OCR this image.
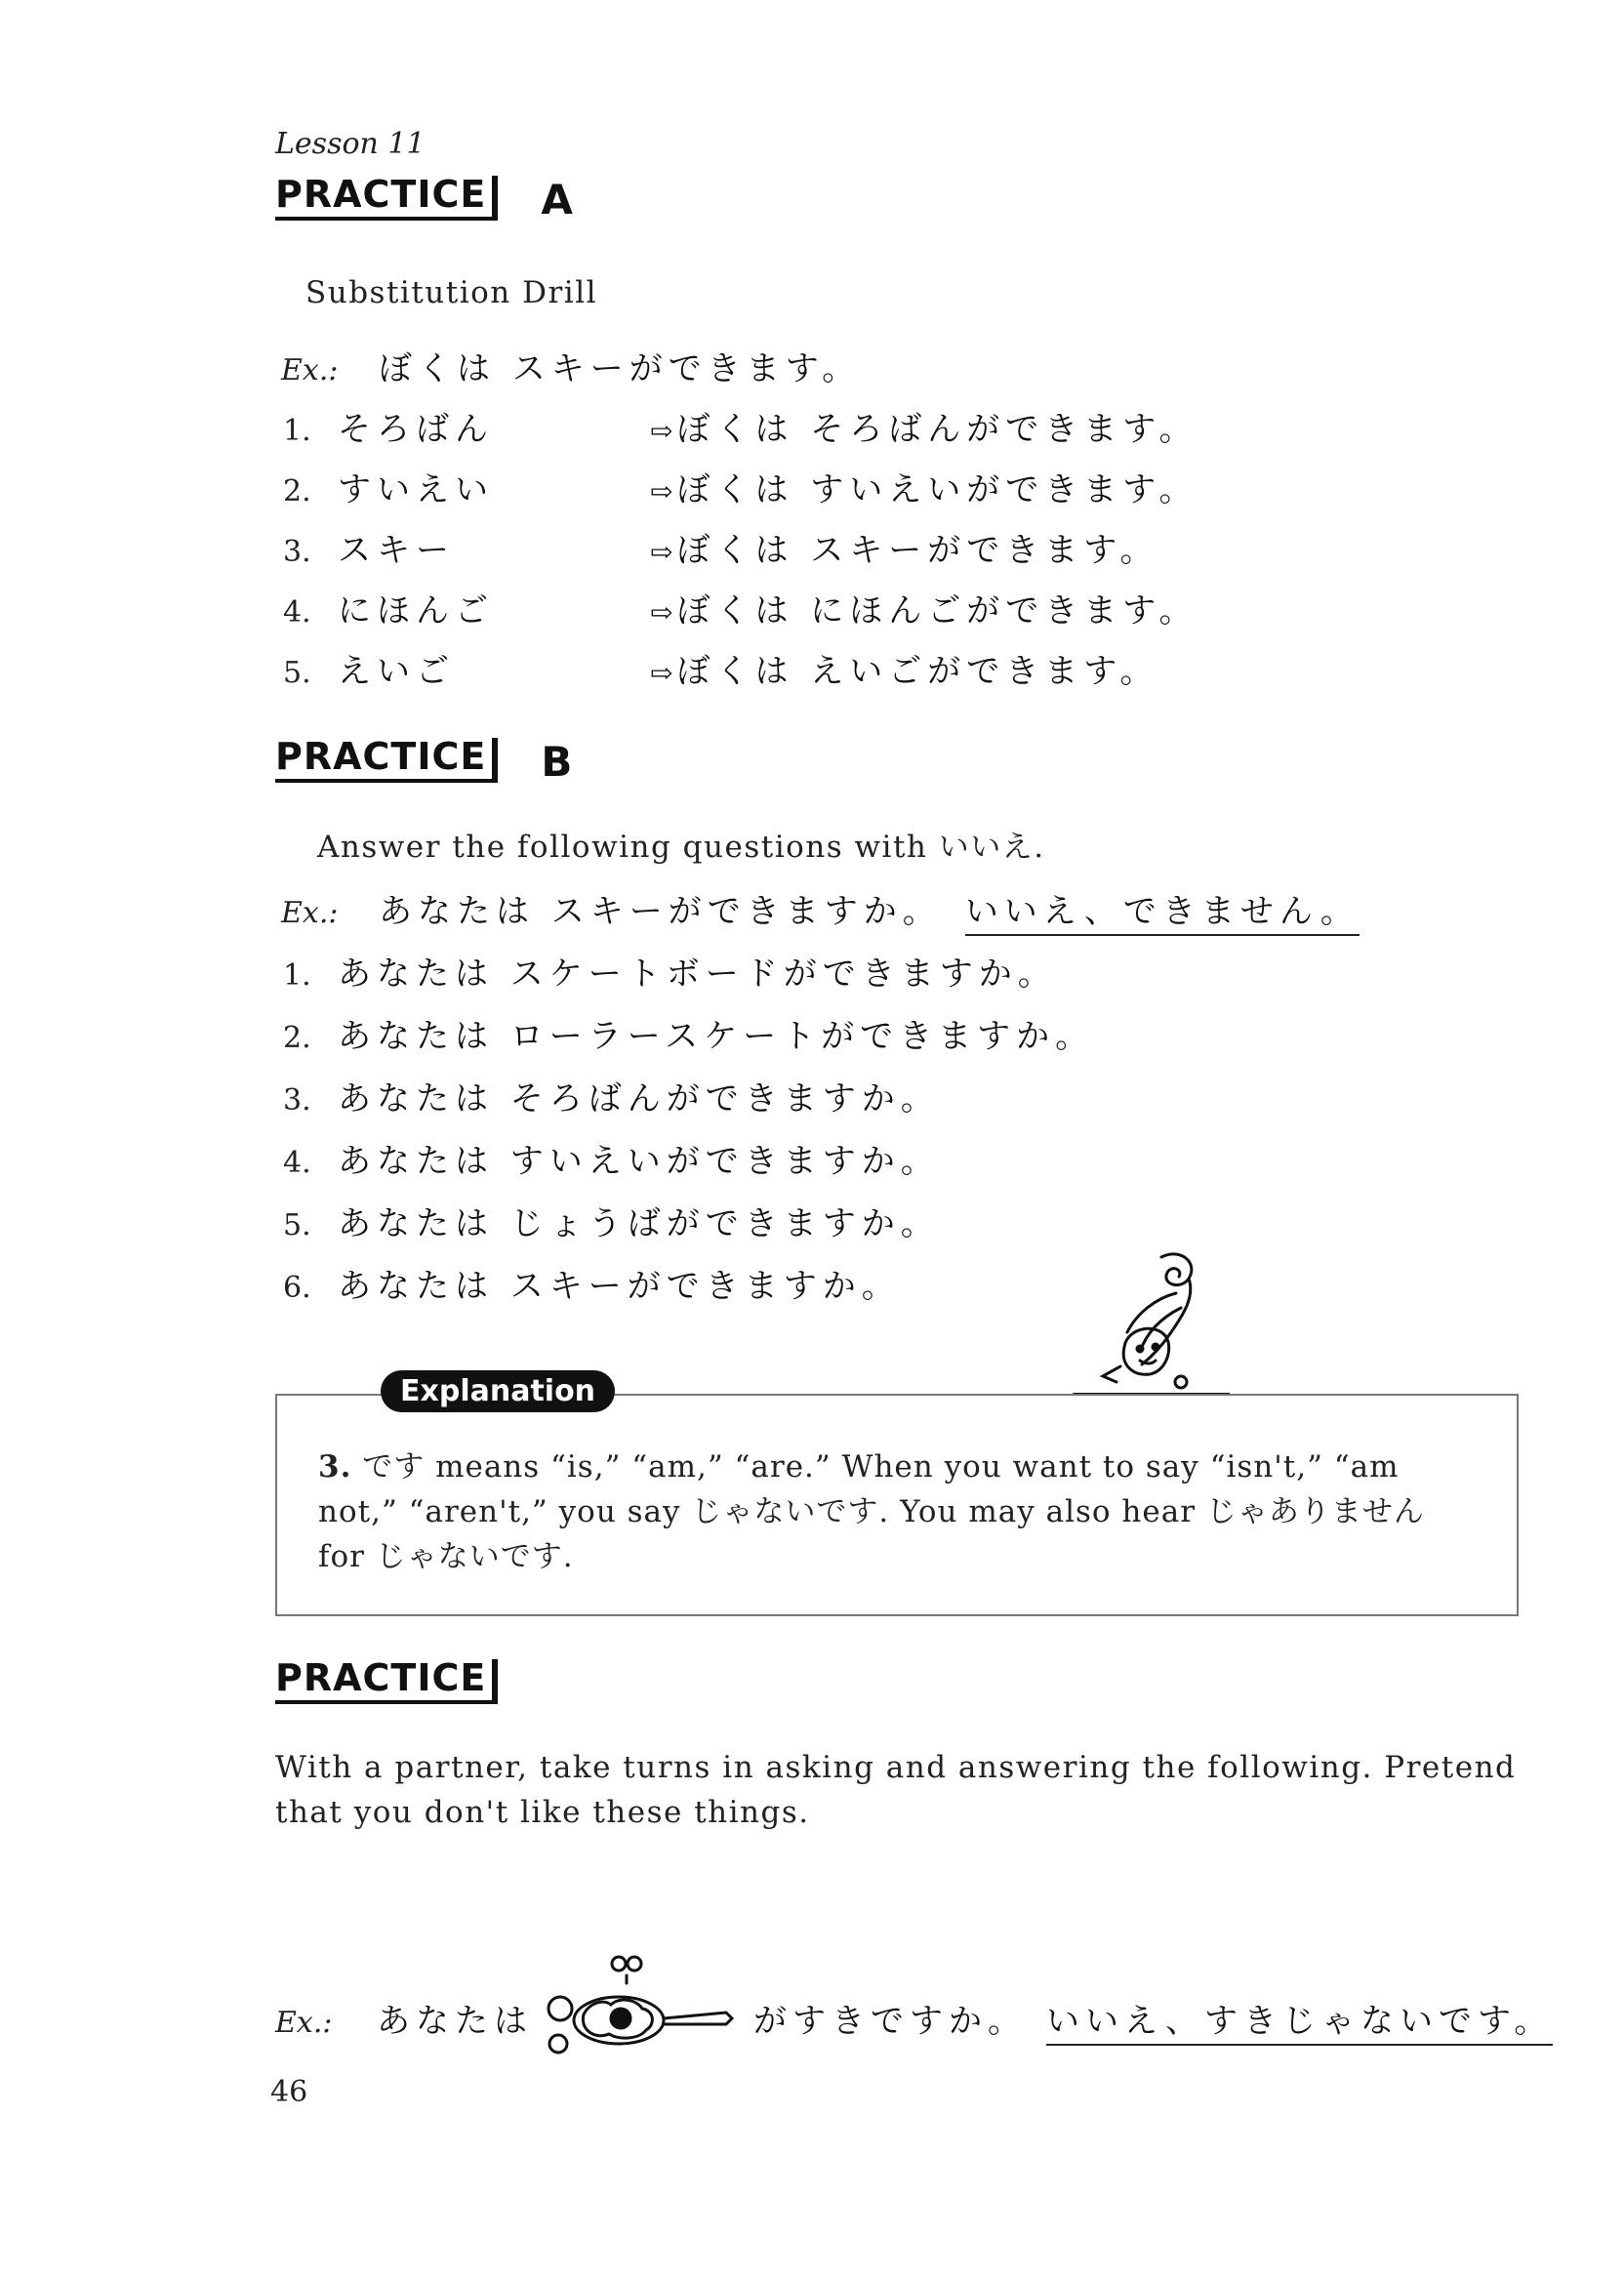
Lesson 11
PRACTICE A
Substitution Drill
Ex.:	ぼくは スキーができます。
1. そろばん	⇨ ぼくは そろばんができます。
2. すいえい	⇨ ぼくは すいえいができます。
3. スキー	⇨ ぼくは スキーができます。
4. にほんご	⇨ ぼくは にほんごができます。
5. えいご	⇨ ぼくは えいごができます。
PRACTICE B
Answer the following questions with いいえ.
Ex.:	あなたは スキーができますか。 いいえ、できません。
1. あなたは スケートボードができますか。
2. あなたは ローラースケートができますか。
3. あなたは そろばんができますか。
4. あなたは すいえいができますか。
5. あなたは じょうばができますか。
6. あなたは スキーができますか。
Explanation
3. です means “is,” “am,” “are.” When you want to say “isn't,” “am not,” “aren't,” you say じゃないです. You may also hear じゃありません for じゃないです.
PRACTICE
With a partner, take turns in asking and answering the following. Pretend that you don't like these things.
Ex.:	あなたは	がすきですか。 いいえ、すきじゃないです。
46
